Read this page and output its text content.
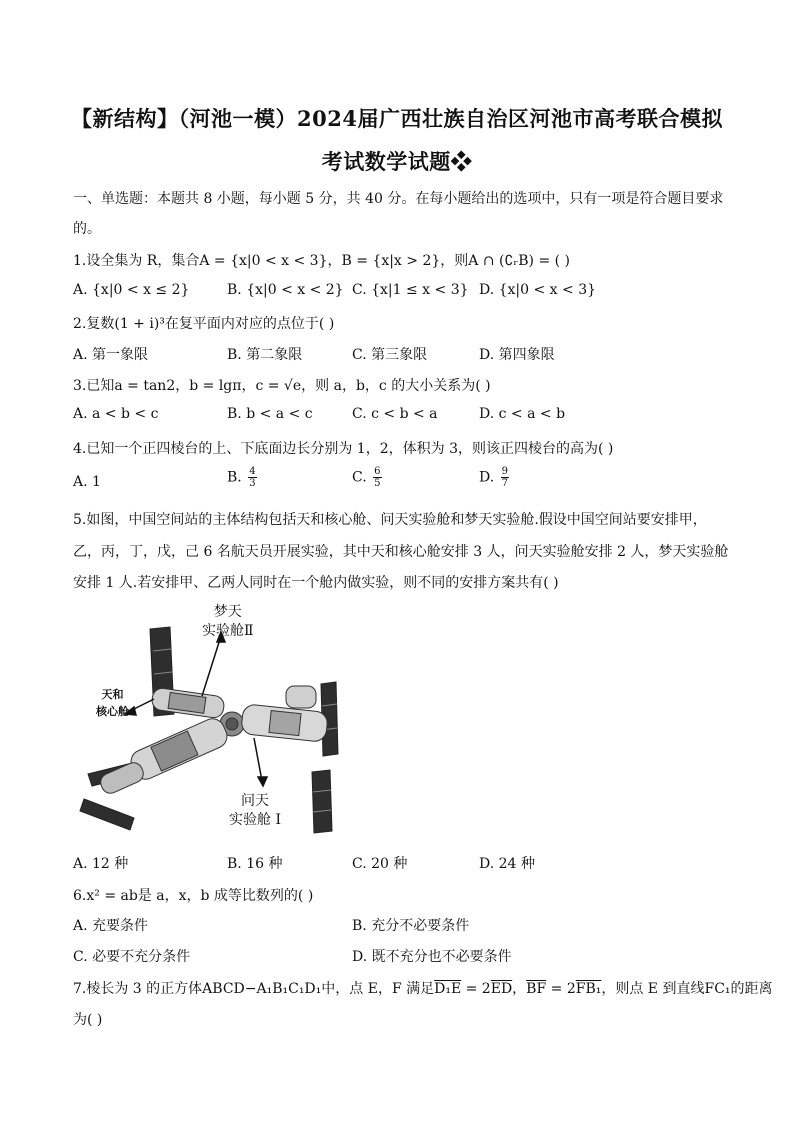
【新结构】（河池一模）2024届广西壮族自治区河池市高考联合模拟
考试数学试题❖
一、单选题：本题共 8 小题，每小题 5 分，共 40 分。在每小题给出的选项中，只有一项是符合题目要求
的。
1.设全集为 R，集合A = {x|0 < x < 3}，B = {x|x > 2}，则A ∩ (∁ᵣB) = ( )
A. {x|0 < x ≤ 2}	B. {x|0 < x < 2} C. {x|1 ≤ x < 3} D. {x|0 < x < 3}
2.复数(1 + i)³在复平面内对应的点位于( )
A. 第一象限	B. 第二象限	C. 第三象限	D. 第四象限
3.已知a = tan2，b = lgπ，c = √e，则 a，b，c 的大小关系为( )
A. a < b < c	B. b < a < c	C. c < b < a	D. c < a < b
4.已知一个正四棱台的上、下底面边长分别为 1，2，体积为 3，则该正四棱台的高为( )
A. 1	B. $\frac{4}{3}$	C. $\frac{6}{5}$	D. $\frac{9}{7}$
5.如图，中国空间站的主体结构包括天和核心舱、问天实验舱和梦天实验舱.假设中国空间站要安排甲，
乙，丙，丁，戊，己 6 名航天员开展实验，其中天和核心舱安排 3 人，问天实验舱安排 2 人，梦天实验舱
安排 1 人.若安排甲、乙两人同时在一个舱内做实验，则不同的安排方案共有( )
梦天
实验舱Ⅱ
天和
核心舱
问天
实验舱 I
A. 12 种	B. 16 种	C. 20 种	D. 24 种
6.x² = ab是 a，x，b 成等比数列的( )
A. 充要条件	B. 充分不必要条件
C. 必要不充分条件	D. 既不充分也不必要条件
7.棱长为 3 的正方体ABCD−A₁B₁C₁D₁中，点 E，F 满足$D_1E = 2\overline{ED}$，$\overline{BF} = 2FB_1$，则点 E 到直线FC₁的距离
为( )
